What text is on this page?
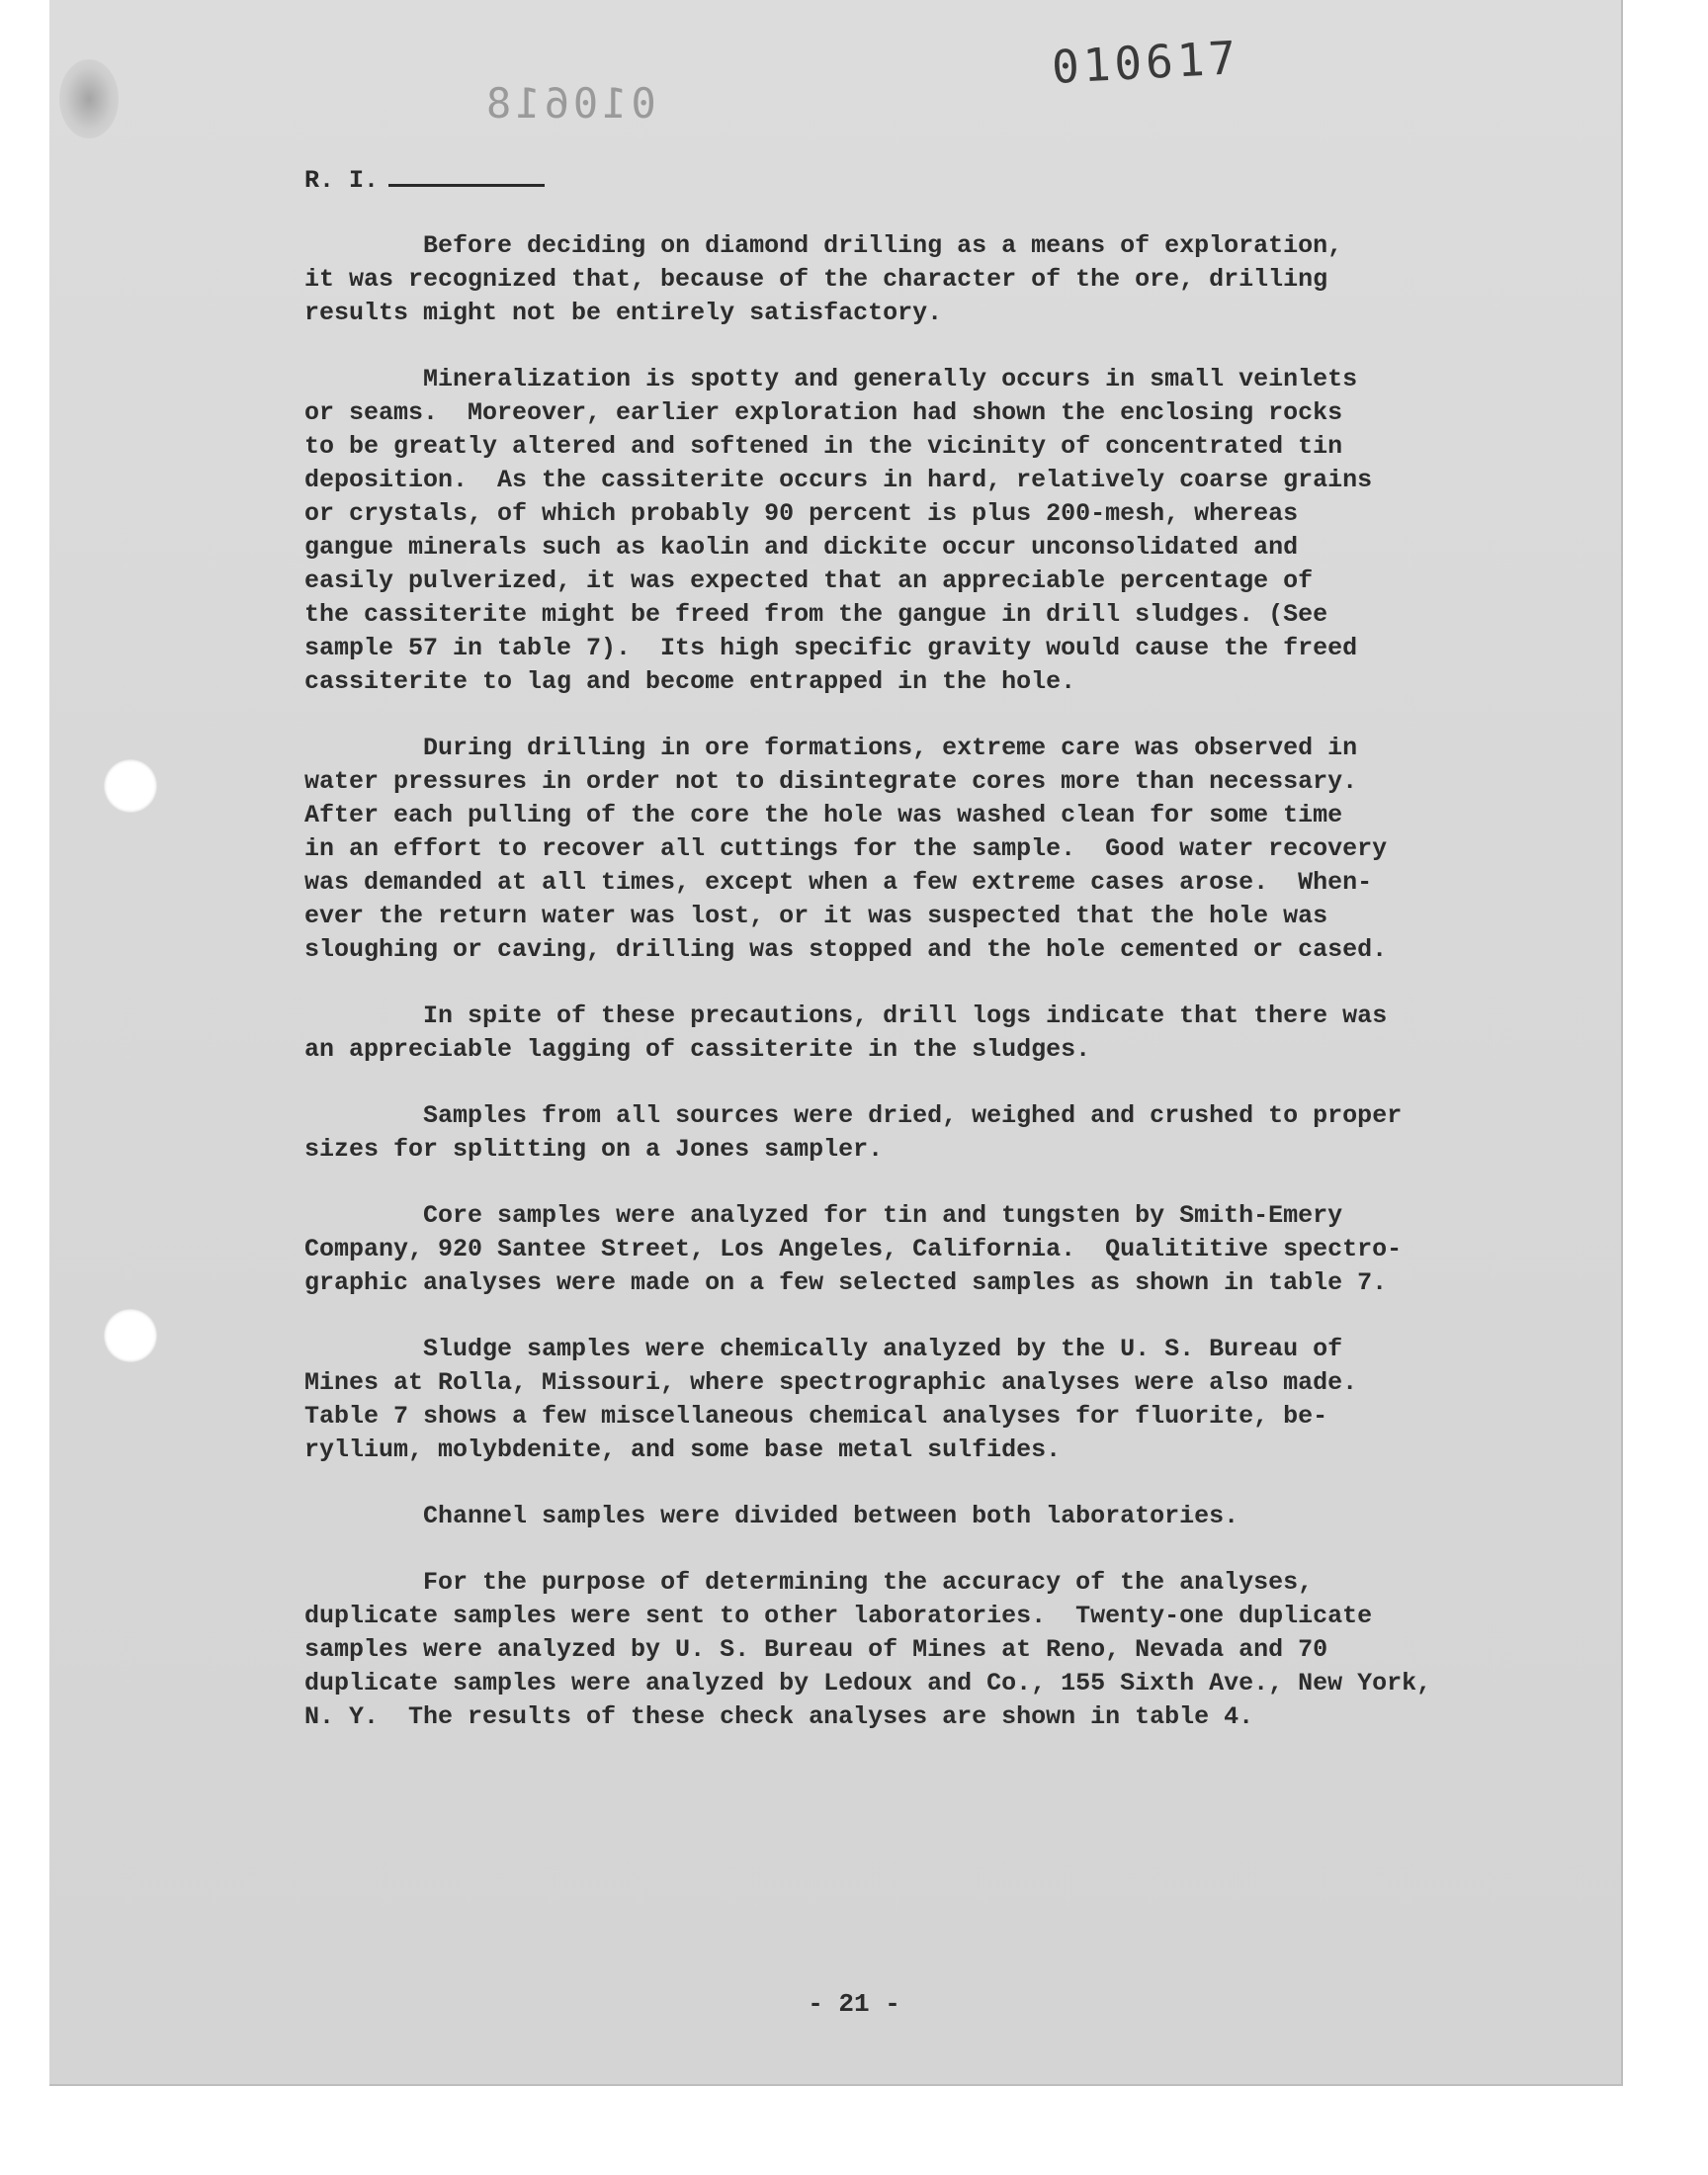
010617
010618
R. I.

Before deciding on diamond drilling as a means of exploration,
it was recognized that, because of the character of the ore, drilling
results might not be entirely satisfactory.

Mineralization is spotty and generally occurs in small veinlets
or seams.  Moreover, earlier exploration had shown the enclosing rocks
to be greatly altered and softened in the vicinity of concentrated tin
deposition.  As the cassiterite occurs in hard, relatively coarse grains
or crystals, of which probably 90 percent is plus 200-mesh, whereas
gangue minerals such as kaolin and dickite occur unconsolidated and
easily pulverized, it was expected that an appreciable percentage of
the cassiterite might be freed from the gangue in drill sludges. (See
sample 57 in table 7).  Its high specific gravity would cause the freed
cassiterite to lag and become entrapped in the hole.

During drilling in ore formations, extreme care was observed in
water pressures in order not to disintegrate cores more than necessary.
After each pulling of the core the hole was washed clean for some time
in an effort to recover all cuttings for the sample.  Good water recovery
was demanded at all times, except when a few extreme cases arose.  When-
ever the return water was lost, or it was suspected that the hole was
sloughing or caving, drilling was stopped and the hole cemented or cased.

In spite of these precautions, drill logs indicate that there was
an appreciable lagging of cassiterite in the sludges.

Samples from all sources were dried, weighed and crushed to proper
sizes for splitting on a Jones sampler.

Core samples were analyzed for tin and tungsten by Smith-Emery
Company, 920 Santee Street, Los Angeles, California.  Qualititive spectro-
graphic analyses were made on a few selected samples as shown in table 7.

Sludge samples were chemically analyzed by the U. S. Bureau of
Mines at Rolla, Missouri, where spectrographic analyses were also made.
Table 7 shows a few miscellaneous chemical analyses for fluorite, be-
ryllium, molybdenite, and some base metal sulfides.

Channel samples were divided between both laboratories.

For the purpose of determining the accuracy of the analyses,
duplicate samples were sent to other laboratories.  Twenty-one duplicate
samples were analyzed by U. S. Bureau of Mines at Reno, Nevada and 70
duplicate samples were analyzed by Ledoux and Co., 155 Sixth Ave., New York,
N. Y.  The results of these check analyses are shown in table 4.

- 21 -
